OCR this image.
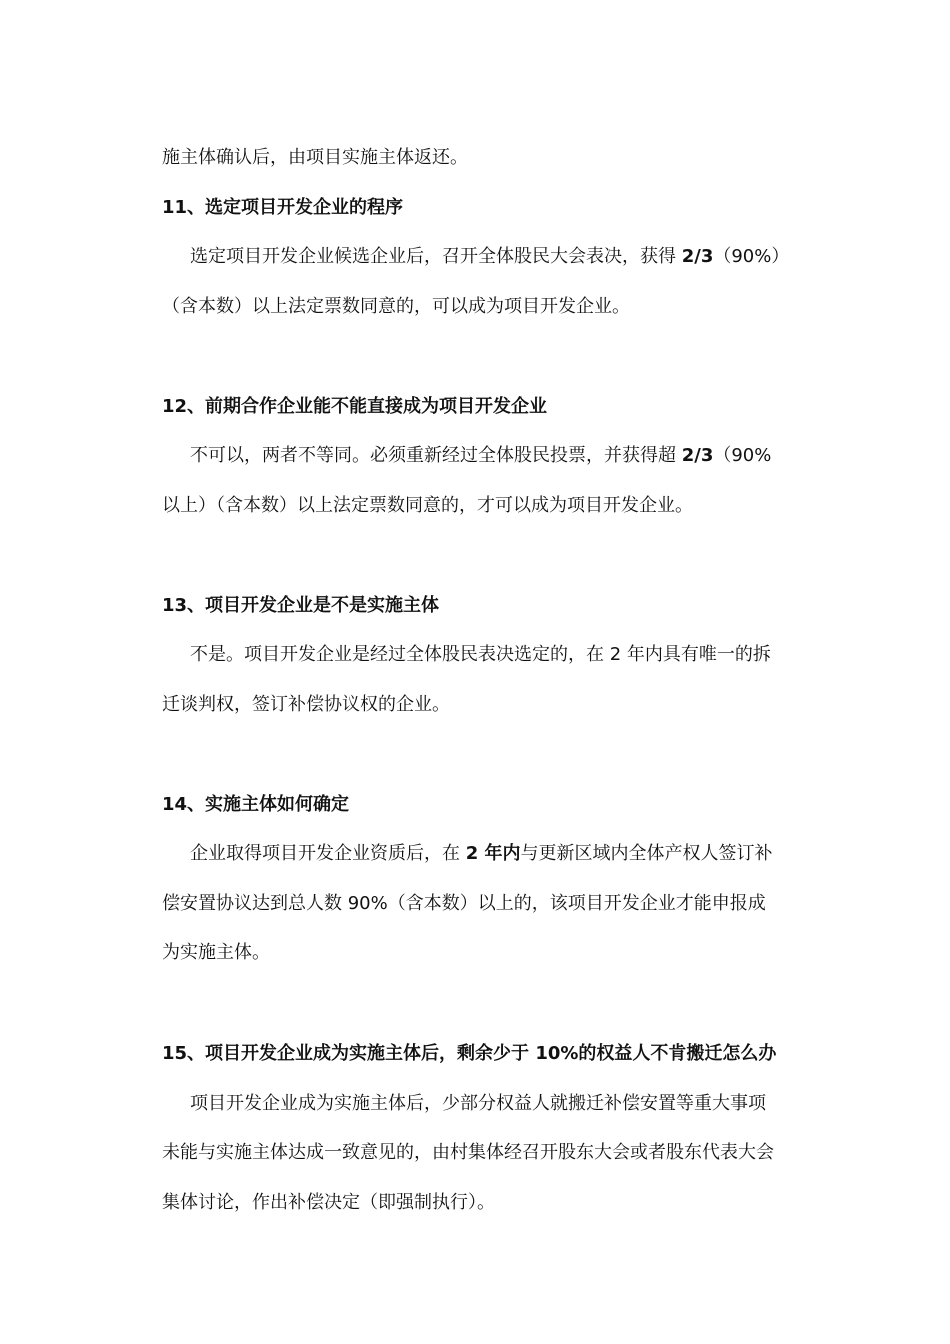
施主体确认后，由项目实施主体返还。
11、选定项目开发企业的程序
选定项目开发企业候选企业后，召开全体股民大会表决，获得 2/3（90%）
（含本数）以上法定票数同意的，可以成为项目开发企业。
12、前期合作企业能不能直接成为项目开发企业
不可以，两者不等同。必须重新经过全体股民投票，并获得超 2/3（90%
以上）（含本数）以上法定票数同意的，才可以成为项目开发企业。
13、项目开发企业是不是实施主体
不是。项目开发企业是经过全体股民表决选定的，在 2 年内具有唯一的拆
迁谈判权，签订补偿协议权的企业。
14、实施主体如何确定
企业取得项目开发企业资质后，在 2 年内与更新区域内全体产权人签订补
偿安置协议达到总人数 90%（含本数）以上的，该项目开发企业才能申报成
为实施主体。
15、项目开发企业成为实施主体后，剩余少于 10%的权益人不肯搬迁怎么办
项目开发企业成为实施主体后，少部分权益人就搬迁补偿安置等重大事项
未能与实施主体达成一致意见的，由村集体经召开股东大会或者股东代表大会
集体讨论，作出补偿决定（即强制执行）。
